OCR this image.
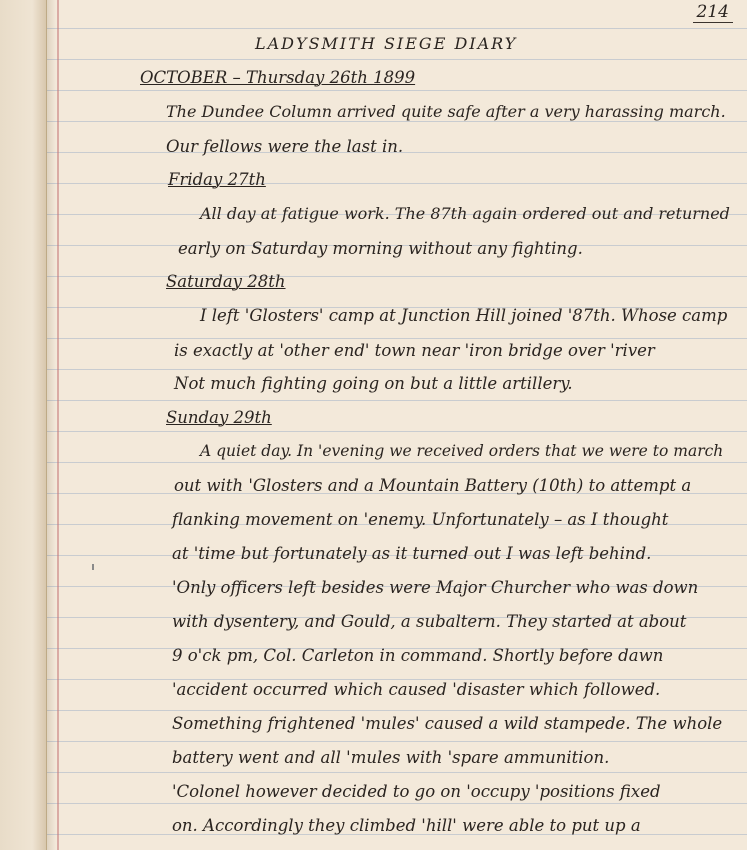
214
LADYSMITH SIEGE DIARY
OCTOBER – Thursday 26th 1899
The Dundee Column arrived quite safe after a very harassing march.
Our fellows were the last in.
Friday 27th
All day at fatigue work. The 87th again ordered out and returned
early on Saturday morning without any fighting.
Saturday 28th
I left 'Glosters' camp at Junction Hill joined '87th. Whose camp
is exactly at 'other end' town near 'iron bridge over 'river
Not much fighting going on but a little artillery.
Sunday 29th
A quiet day. In 'evening we received orders that we were to march
out with 'Glosters and a Mountain Battery (10th) to attempt a
flanking movement on 'enemy. Unfortunately – as I thought
at 'time but fortunately as it turned out I was left behind.
'Only officers left besides were Major Churcher who was down
with dysentery, and Gould, a subaltern. They started at about
9 o'ck pm, Col. Carleton in command. Shortly before dawn
'accident occurred which caused 'disaster which followed.
Something frightened 'mules' caused a wild stampede. The whole
battery went and all 'mules with 'spare ammunition.
'Colonel however decided to go on 'occupy 'positions fixed
on. Accordingly they climbed 'hill' were able to put up a
